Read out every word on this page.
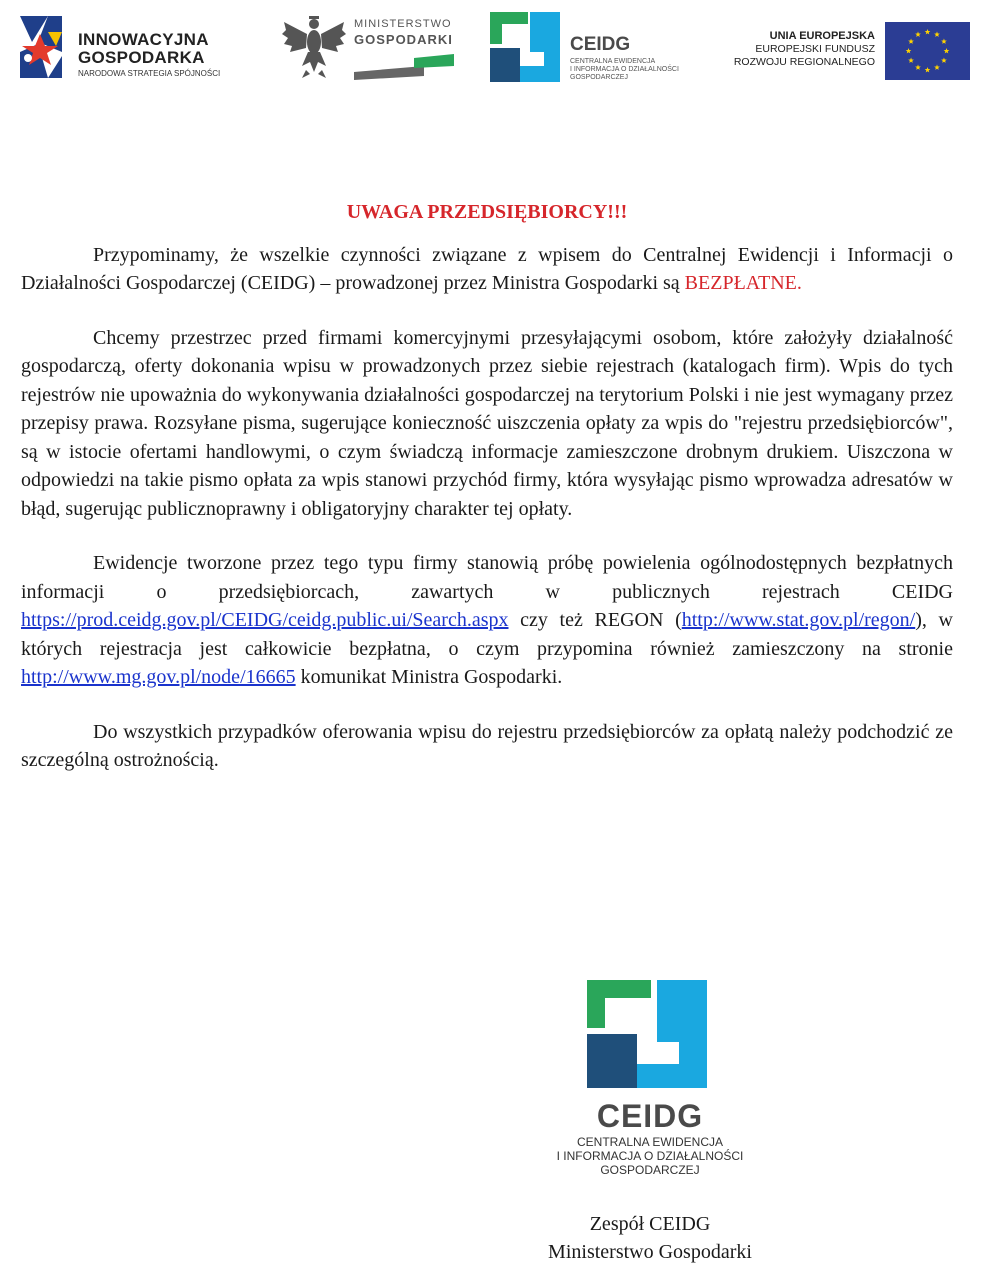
INNOWACYJNA
GOSPODARKA
NARODOWA STRATEGIA SPÓJNOŚCI
MINISTERSTWO
GOSPODARKI	CEIDG
CENTRALNA EWIDENCJA
I INFORMACJA O DZIAŁALNOŚCI
GOSPODARCZEJ
UNIA EUROPEJSKA
EUROPEJSKI FUNDUSZ
ROZWOJU REGIONALNEGO
UWAGA PRZEDSIĘBIORCY!!!

Przypominamy, że wszelkie czynności związane z wpisem do Centralnej Ewidencji i Informacji o Działalności Gospodarczej (CEIDG) – prowadzonej przez Ministra Gospodarki są BEZPŁATNE.

Chcemy przestrzec przed firmami komercyjnymi przesyłającymi osobom, które założyły działalność gospodarczą, oferty dokonania wpisu w prowadzonych przez siebie rejestrach (katalogach firm). Wpis do tych rejestrów nie upoważnia do wykonywania działalności gospodarczej na terytorium Polski i nie jest wymagany przez przepisy prawa. Rozsyłane pisma, sugerujące konieczność uiszczenia opłaty za wpis do "rejestru przedsiębiorców", są w istocie ofertami handlowymi, o czym świadczą informacje zamieszczone drobnym drukiem. Uiszczona w odpowiedzi na takie pismo opłata za wpis stanowi przychód firmy, która wysyłając pismo wprowadza adresatów w błąd, sugerując publicznoprawny i obligatoryjny charakter tej opłaty.

Ewidencje tworzone przez tego typu firmy stanowią próbę powielenia ogólnodostępnych bezpłatnych informacji o przedsiębiorcach, zawartych w publicznych rejestrach CEIDG https://prod.ceidg.gov.pl/CEIDG/ceidg.public.ui/Search.aspx czy też REGON (http://www.stat.gov.pl/regon/), w których rejestracja jest całkowicie bezpłatna, o czym przypomina również zamieszczony na stronie http://www.mg.gov.pl/node/16665 komunikat Ministra Gospodarki.

Do wszystkich przypadków oferowania wpisu do rejestru przedsiębiorców za opłatą należy podchodzić ze szczególną ostrożnością.

CEIDG
CENTRALNA EWIDENCJA
I INFORMACJA O DZIAŁALNOŚCI
GOSPODARCZEJ
Zespół CEIDG
Ministerstwo Gospodarki
